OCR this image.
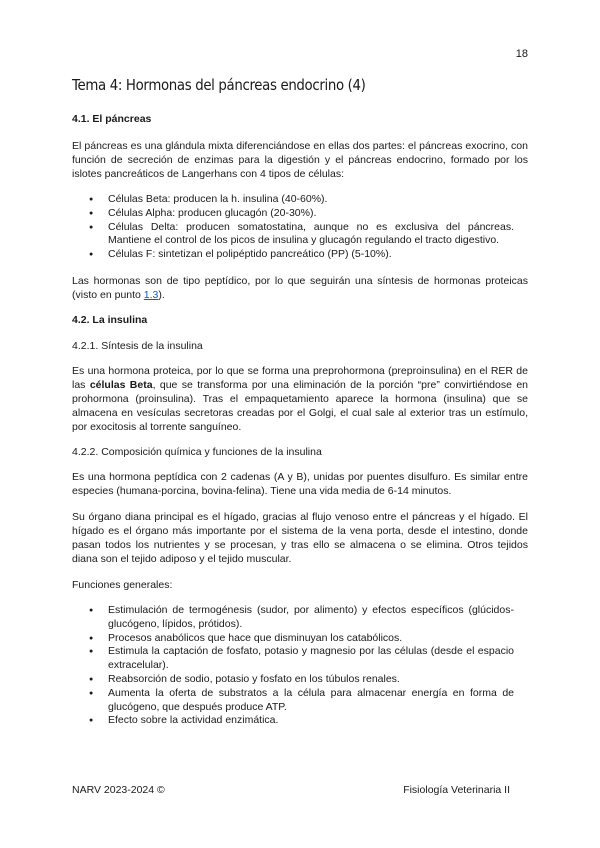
18
Tema 4: Hormonas del páncreas endocrino (4)
4.1. El páncreas

El páncreas es una glándula mixta diferenciándose en ellas dos partes: el páncreas exocrino, con función de secreción de enzimas para la digestión y el páncreas endocrino, formado por los islotes pancreáticos de Langerhans con 4 tipos de células:

● Células Beta: producen la h. insulina (40-60%).
● Células Alpha: producen glucagón (20-30%).
● Células Delta: producen somatostatina, aunque no es exclusiva del páncreas. Mantiene el control de los picos de insulina y glucagón regulando el tracto digestivo.
● Células F: sintetizan el polipéptido pancreático (PP) (5-10%).

Las hormonas son de tipo peptídico, por lo que seguirán una síntesis de hormonas proteicas (visto en punto 1.3).

4.2. La insulina
4.2.1. Síntesis de la insulina

Es una hormona proteica, por lo que se forma una preprohormona (preproinsulina) en el RER de las células Beta, que se transforma por una eliminación de la porción “pre” convirtiéndose en prohormona (proinsulina). Tras el empaquetamiento aparece la hormona (insulina) que se almacena en vesículas secretoras creadas por el Golgi, el cual sale al exterior tras un estímulo, por exocitosis al torrente sanguíneo.

4.2.2. Composición química y funciones de la insulina

Es una hormona peptídica con 2 cadenas (A y B), unidas por puentes disulfuro. Es similar entre especies (humana-porcina, bovina-felina). Tiene una vida media de 6-14 minutos.

Su órgano diana principal es el hígado, gracias al flujo venoso entre el páncreas y el hígado. El hígado es el órgano más importante por el sistema de la vena porta, desde el intestino, donde pasan todos los nutrientes y se procesan, y tras ello se almacena o se elimina. Otros tejidos diana son el tejido adiposo y el tejido muscular.

Funciones generales:

● Estimulación de termogénesis (sudor, por alimento) y efectos específicos (glúcidos-glucógeno, lípidos, prótidos).
● Procesos anabólicos que hace que disminuyan los catabólicos.
● Estimula la captación de fosfato, potasio y magnesio por las células (desde el espacio extracelular).
● Reabsorción de sodio, potasio y fosfato en los túbulos renales.
● Aumenta la oferta de substratos a la célula para almacenar energía en forma de glucógeno, que después produce ATP.
● Efecto sobre la actividad enzimática.
NARV 2023-2024 ©	Fisiología Veterinaria II
